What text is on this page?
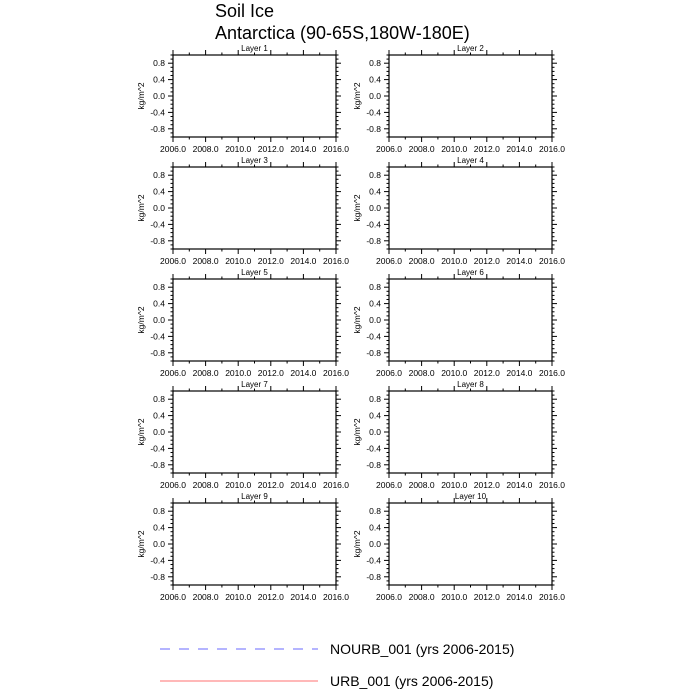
Soil Ice
Antarctica (90-65S,180W-180E)
Layer 1
2006.0 2008.0 2010.0 2012.0 2014.0 2016.0
0.8
0.4
0.0
-0.4
-0.8
kg/m^2
Layer 2
2006.0 2008.0 2010.0 2012.0 2014.0 2016.0
0.8
0.4
0.0
-0.4
-0.8
kg/m^2
Layer 3
2006.0 2008.0 2010.0 2012.0 2014.0 2016.0
0.8
0.4
0.0
-0.4
-0.8
kg/m^2
Layer 4
2006.0 2008.0 2010.0 2012.0 2014.0 2016.0
0.8
0.4
0.0
-0.4
-0.8
kg/m^2
Layer 5
2006.0 2008.0 2010.0 2012.0 2014.0 2016.0
0.8
0.4
0.0
-0.4
-0.8
kg/m^2
Layer 6
2006.0 2008.0 2010.0 2012.0 2014.0 2016.0
0.8
0.4
0.0
-0.4
-0.8
kg/m^2
Layer 7
2006.0 2008.0 2010.0 2012.0 2014.0 2016.0
0.8
0.4
0.0
-0.4
-0.8
kg/m^2
Layer 8
2006.0 2008.0 2010.0 2012.0 2014.0 2016.0
0.8
0.4
0.0
-0.4
-0.8
kg/m^2
Layer 9
2006.0 2008.0 2010.0 2012.0 2014.0 2016.0
0.8
0.4
0.0
-0.4
-0.8
kg/m^2
Layer 10
2006.0 2008.0 2010.0 2012.0 2014.0 2016.0
0.8
0.4
0.0
-0.4
-0.8
kg/m^2
NOURB_001 (yrs 2006-2015)
URB_001 (yrs 2006-2015)
